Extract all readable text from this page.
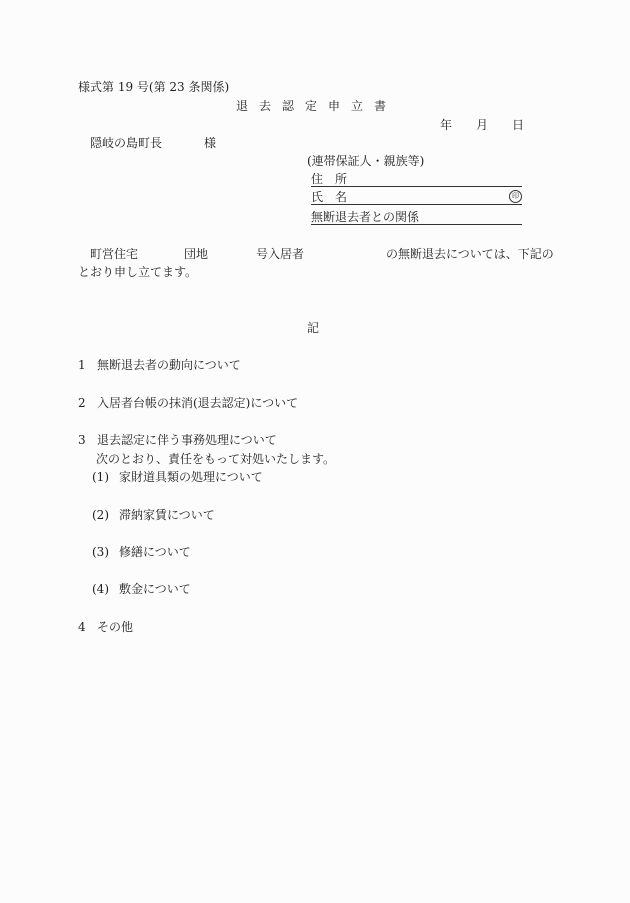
様式第 19 号(第 23 条関係)
退去認定申立書
年 月 日
隠岐の島町長	様
(連帯保証人・親族等)
住所
氏名	印
無断退去者との関係
町営住宅	団地	号入居者	の無断退去については、下記の
とおり申し立てます。
記
1 無断退去者の動向について
2 入居者台帳の抹消(退去認定)について
3 退去認定に伴う事務処理について
次のとおり、責任をもって対処いたします。
(1) 家財道具類の処理について
(2) 滞納家賃について
(3) 修繕について
(4) 敷金について
4 その他
